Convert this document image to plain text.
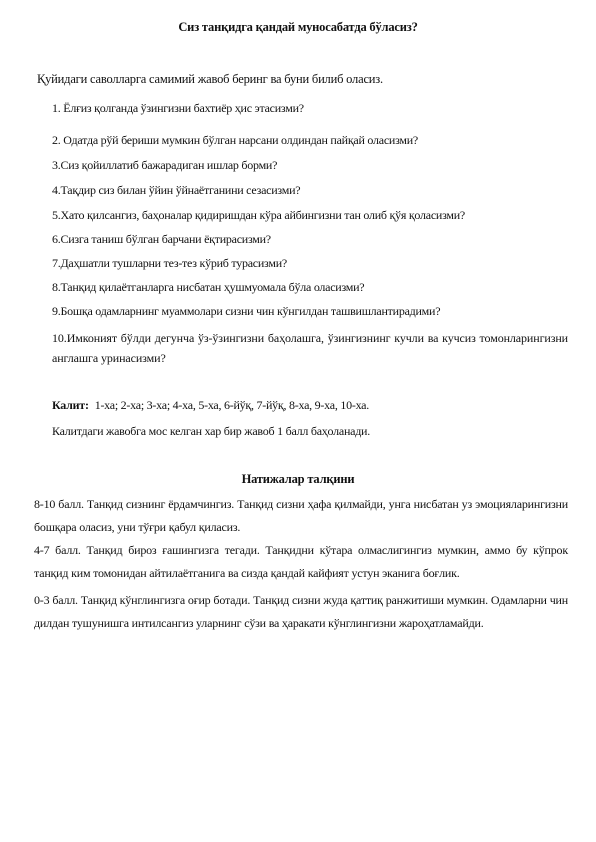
Сиз танқидга қандай муносабатда бўласиз?
Қуйидаги саволларга самимий жавоб беринг ва буни билиб оласиз.
1. Ёлғиз қолганда ўзингизни бахтиёр ҳис этасизми?
2. Одатда рўй бериши мумкин бўлган нарсани олдиндан пайқай оласизми?
3.Сиз қойиллатиб бажарадиган ишлар борми?
4.Тақдир сиз билан ўйин ўйнаётганини сезасизми?
5.Хато қилсангиз, баҳоналар қидиришдан кўра айбингизни тан олиб қўя қоласизми?
6.Сизга таниш бўлган барчани ёқтирасизми?
7.Даҳшатли тушларни тез-тез кўриб турасизми?
8.Танқид қилаётганларга нисбатан ҳушмуомала бўла оласизми?
9.Бошқа одамларнинг муаммолари сизни чин кўнгилдан ташвишлантирадими?
10.Имконият бўлди дегунча ўз-ўзингизни баҳолашга, ўзингизнинг кучли ва кучсиз томонларингизни англашга уринасизми?
Калит: 1-ха; 2-ха; 3-ха; 4-ха, 5-ха, 6-йўқ, 7-йўқ, 8-ха, 9-ха, 10-ха.
Калитдаги жавобга мос келган хар бир жавоб 1 балл баҳоланади.
Натижалар талқини
8-10 балл. Танқид сизнинг ёрдамчингиз. Танқид сизни ҳафа қилмайди, унга нисбатан уз эмоцияларингизни бошқара оласиз, уни тўғри қабул қиласиз.
4-7 балл. Танқид бироз ғашингизга тегади. Танқидни кўтара олмаслигингиз мумкин, аммо бу кўпрок танқид ким томонидан айтилаётганига ва сизда қандай кайфият устун эканига боғлик.
0-3 балл. Танқид кўнглингизга оғир ботади. Танқид сизни жуда қаттиқ ранжитиши мумкин. Одамларни чин дилдан тушунишга интилсангиз уларнинг сўзи ва ҳаракати кўнглингизни жароҳатламайди.
